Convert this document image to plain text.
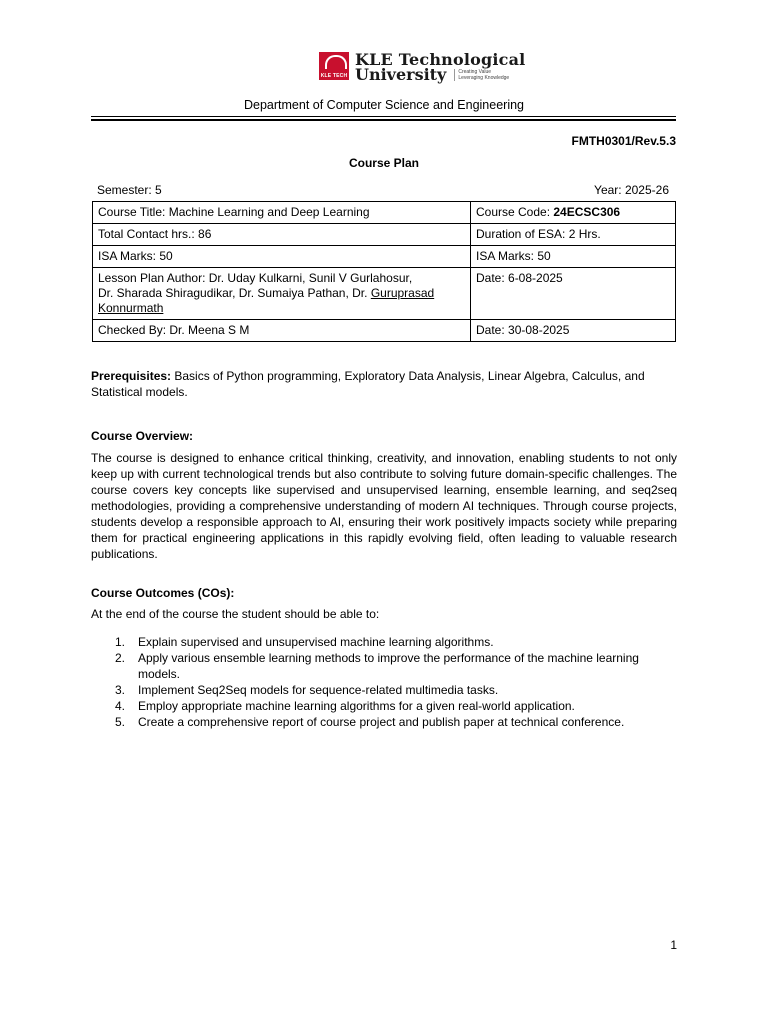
KLE TECH
KLE Technological
University	Creating Value
Leveraging Knowledge
Department of Computer Science and Engineering
FMTH0301/Rev.5.3
Course Plan
Semester: 5	Year: 2025-26
Course Title: Machine Learning and Deep Learning	Course Code: 24ECSC306
Total Contact hrs.: 86	Duration of ESA: 2 Hrs.
ISA Marks: 50	ISA Marks: 50
Lesson Plan Author: Dr. Uday Kulkarni, Sunil V Gurlahosur,
Dr. Sharada Shiragudikar, Dr. Sumaiya Pathan, Dr. Guruprasad
Konnurmath	Date: 6-08-2025
Checked By: Dr. Meena S M	Date: 30-08-2025
Prerequisites: Basics of Python programming, Exploratory Data Analysis, Linear Algebra, Calculus, and Statistical models.
Course Overview:
The course is designed to enhance critical thinking, creativity, and innovation, enabling students to not only keep up with current technological trends but also contribute to solving future domain-specific challenges. The course covers key concepts like supervised and unsupervised learning, ensemble learning, and seq2seq methodologies, providing a comprehensive understanding of modern AI techniques. Through course projects, students develop a responsible approach to AI, ensuring their work positively impacts society while preparing them for practical engineering applications in this rapidly evolving field, often leading to valuable research publications.
Course Outcomes (COs):
At the end of the course the student should be able to:
1.	Explain supervised and unsupervised machine learning algorithms.
2.	Apply various ensemble learning methods to improve the performance of the machine learning models.
3.	Implement Seq2Seq models for sequence-related multimedia tasks.
4.	Employ appropriate machine learning algorithms for a given real-world application.
5.	Create a comprehensive report of course project and publish paper at technical conference.
1
